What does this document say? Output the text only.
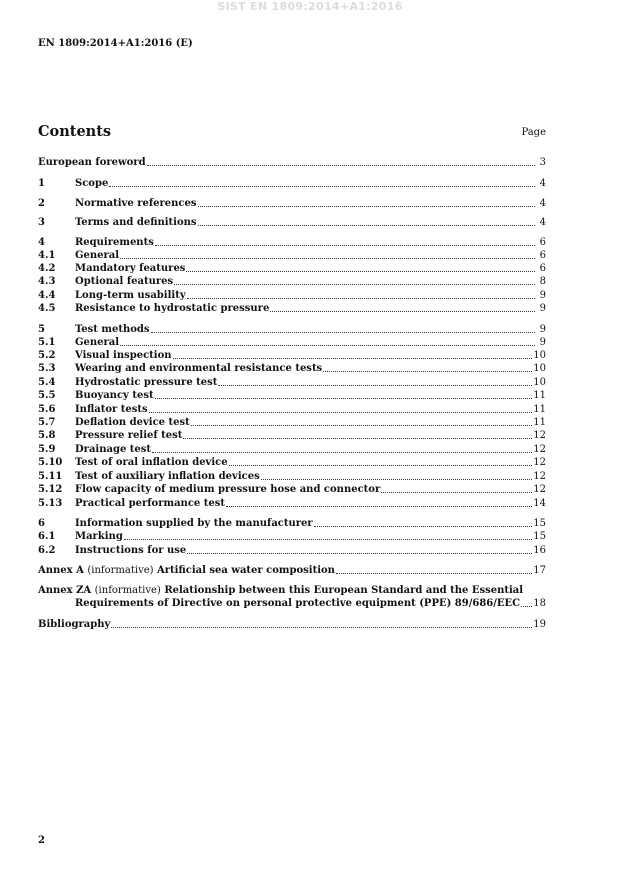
SIST EN 1809:2014+A1:2016
EN 1809:2014+A1:2016 (E)
Contents	Page
European foreword	3
1	Scope	4
2	Normative references	4
3	Terms and definitions	4
4	Requirements	6
4.1	General	6
4.2	Mandatory features	6
4.3	Optional features	8
4.4	Long-term usability	9
4.5	Resistance to hydrostatic pressure	9
5	Test methods	9
5.1	General	9
5.2	Visual inspection	10
5.3	Wearing and environmental resistance tests	10
5.4	Hydrostatic pressure test	10
5.5	Buoyancy test	11
5.6	Inflator tests	11
5.7	Deflation device test	11
5.8	Pressure relief test	12
5.9	Drainage test	12
5.10	Test of oral inflation device	12
5.11	Test of auxiliary inflation devices	12
5.12	Flow capacity of medium pressure hose and connector	12
5.13	Practical performance test	14
6	Information supplied by the manufacturer	15
6.1	Marking	15
6.2	Instructions for use	16
Annex A (informative) Artificial sea water composition	17
Annex ZA (informative) Relationship between this European Standard and the Essential
Requirements of Directive on personal protective equipment (PPE) 89/686/EEC 18
Bibliography	19
2
